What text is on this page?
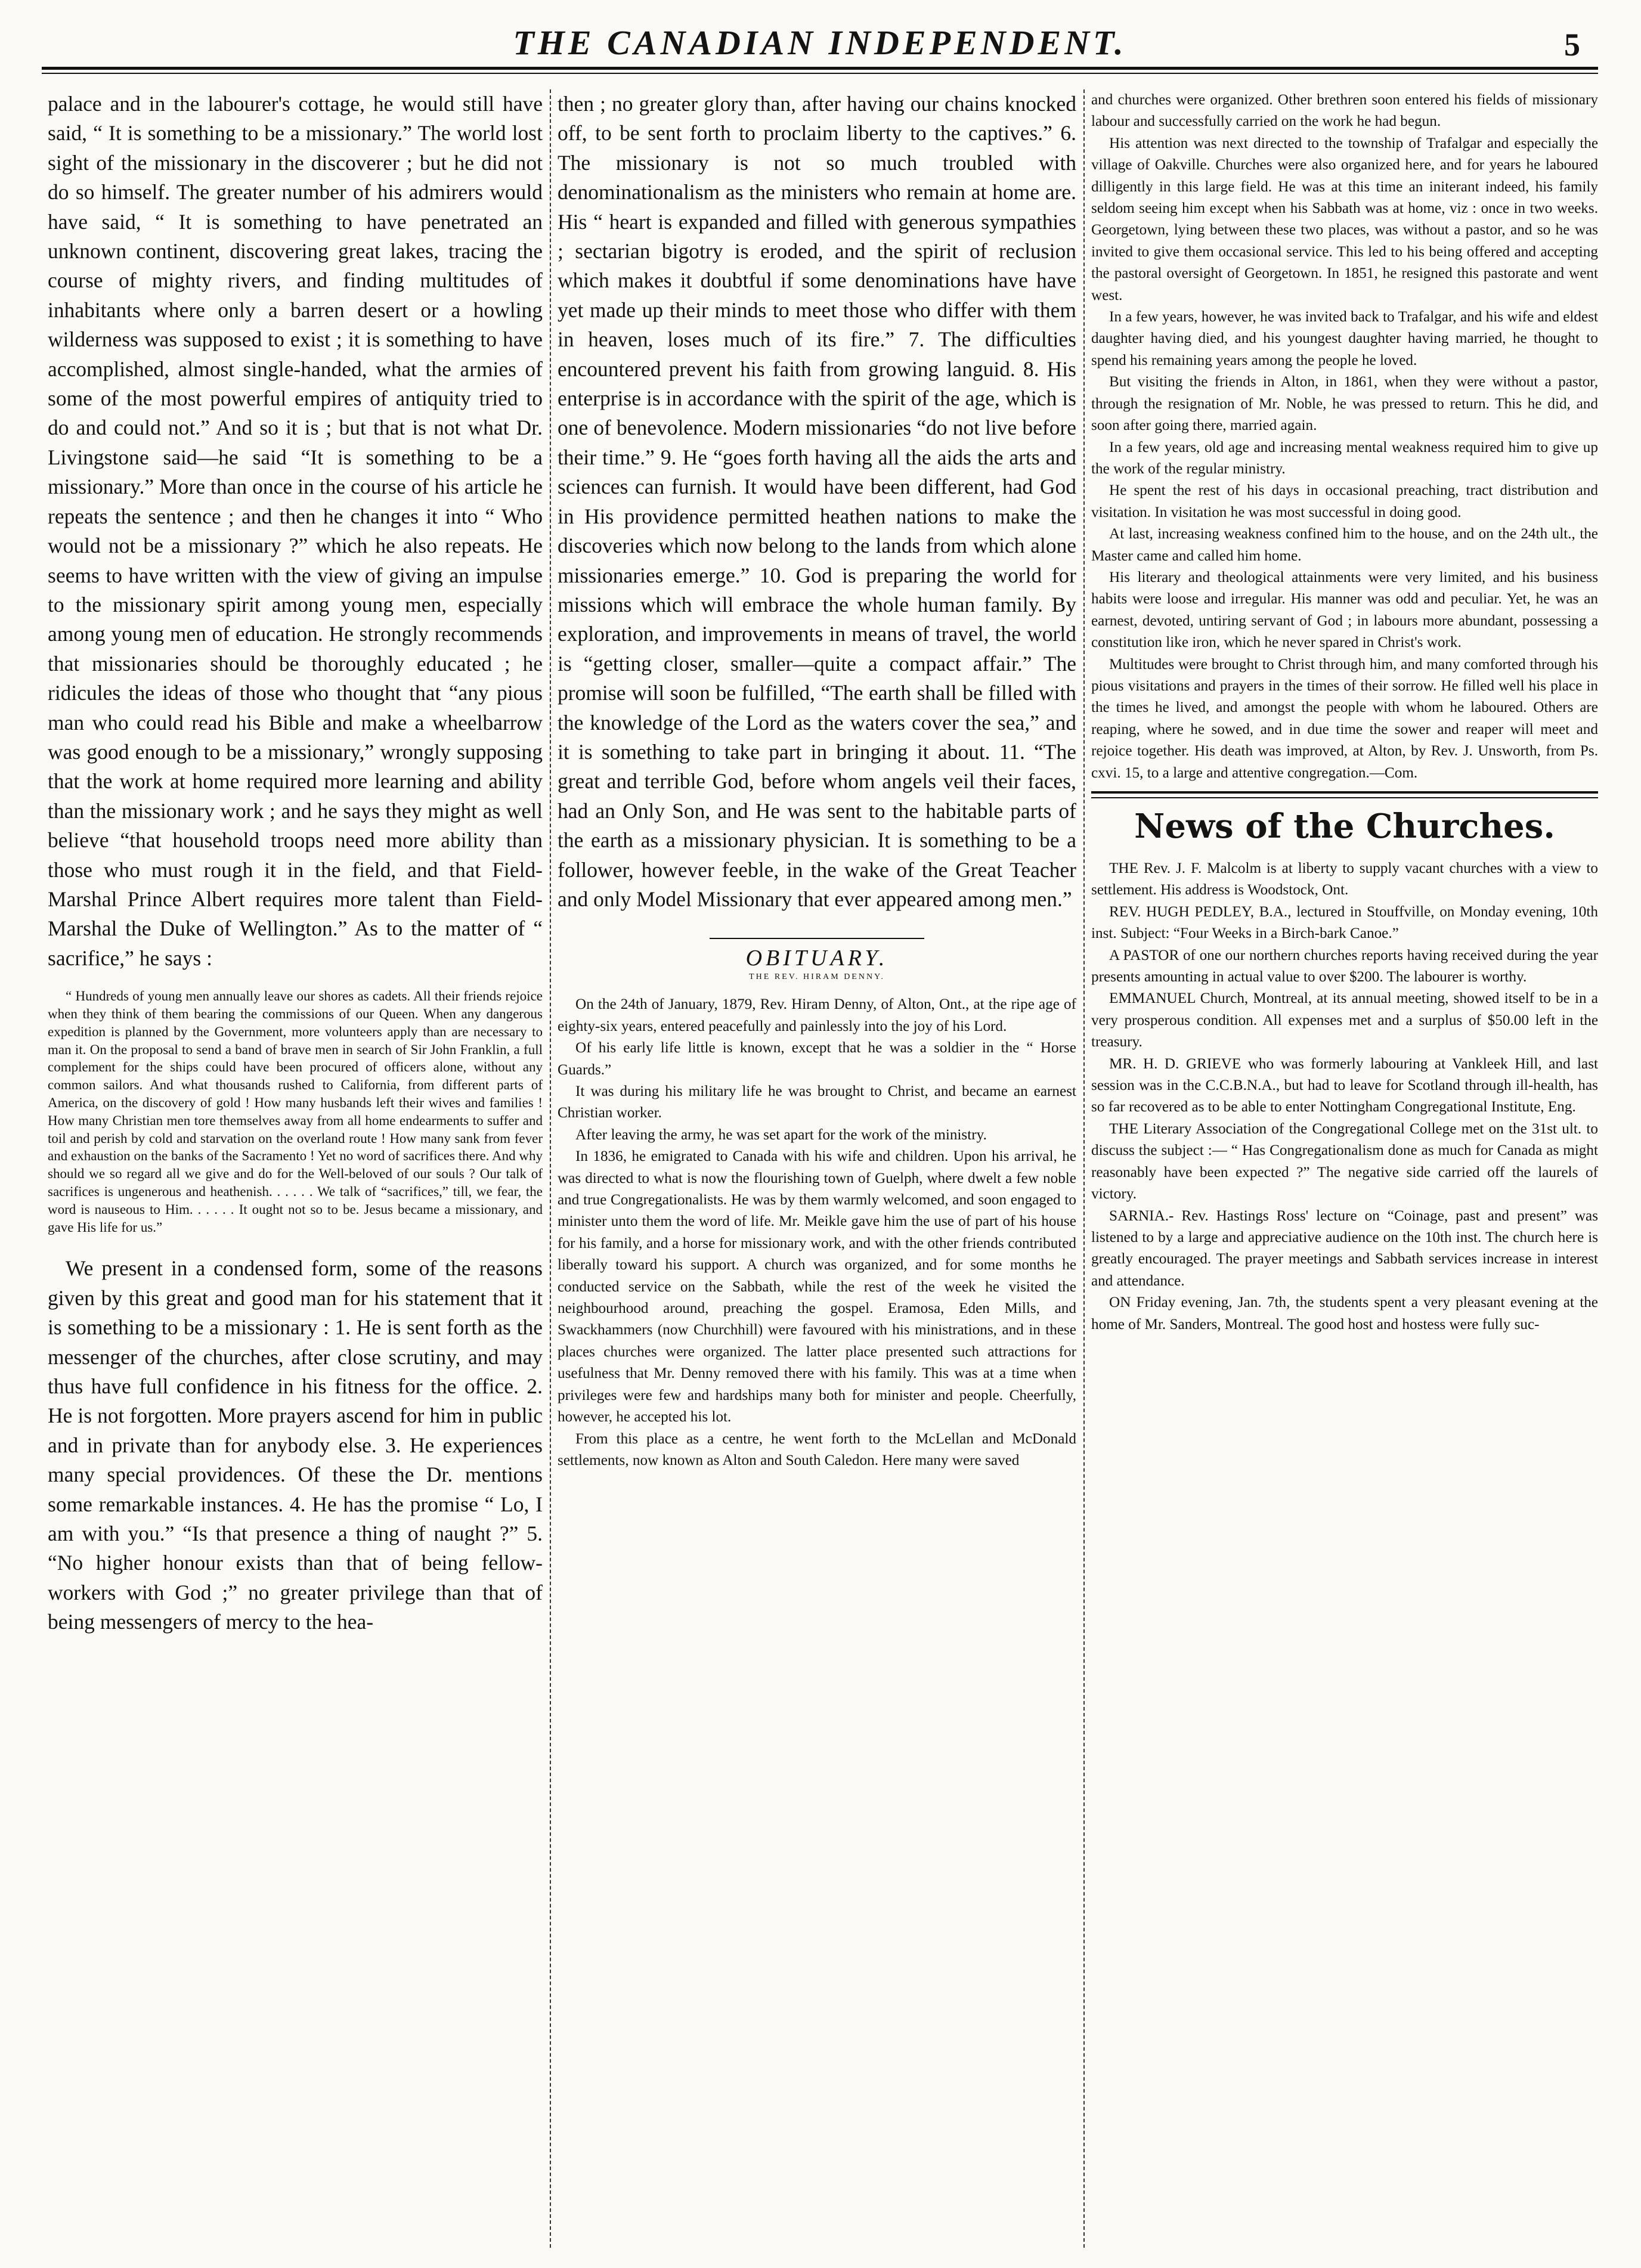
THE CANADIAN INDEPENDENT.	5

palace and in the labourer's cottage, he would still have said, “ It is something to be a missionary.” The world lost sight of the missionary in the discoverer ; but he did not do so himself. The greater number of his admirers would have said, “ It is something to have penetrated an unknown continent, discovering great lakes, tracing the course of mighty rivers, and finding multitudes of inhabitants where only a barren desert or a howling wilderness was supposed to exist ; it is something to have accomplished, almost single-handed, what the armies of some of the most powerful empires of antiquity tried to do and could not.” And so it is ; but that is not what Dr. Livingstone said—he said “It is something to be a missionary.” More than once in the course of his article he repeats the sentence ; and then he changes it into “ Who would not be a missionary ?” which he also repeats. He seems to have written with the view of giving an impulse to the missionary spirit among young men, especially among young men of education. He strongly recommends that missionaries should be thoroughly educated ; he ridicules the ideas of those who thought that “any pious man who could read his Bible and make a wheelbarrow was good enough to be a missionary,” wrongly supposing that the work at home required more learning and ability than the missionary work ; and he says they might as well believe “that household troops need more ability than those who must rough it in the field, and that Field-Marshal Prince Albert requires more talent than Field-Marshal the Duke of Wellington.” As to the matter of “ sacrifice,” he says :

“ Hundreds of young men annually leave our shores as cadets. All their friends rejoice when they think of them bearing the commissions of our Queen. When any dangerous expedition is planned by the Government, more volunteers apply than are necessary to man it. On the proposal to send a band of brave men in search of Sir John Franklin, a full complement for the ships could have been procured of officers alone, without any common sailors. And what thousands rushed to California, from different parts of America, on the discovery of gold ! How many husbands left their wives and families ! How many Christian men tore themselves away from all home endearments to suffer and toil and perish by cold and starvation on the overland route ! How many sank from fever and exhaustion on the banks of the Sacramento ! Yet no word of sacrifices there. And why should we so regard all we give and do for the Well-beloved of our souls ? Our talk of sacrifices is ungenerous and heathenish. . . . . . We talk of “sacrifices,” till, we fear, the word is nauseous to Him. . . . . . It ought not so to be. Jesus became a missionary, and gave His life for us.”

We present in a condensed form, some of the reasons given by this great and good man for his statement that it is something to be a missionary : 1. He is sent forth as the messenger of the churches, after close scrutiny, and may thus have full confidence in his fitness for the office. 2. He is not forgotten. More prayers ascend for him in public and in private than for anybody else. 3. He experiences many special providences. Of these the Dr. mentions some remarkable instances. 4. He has the promise “ Lo, I am with you.” “Is that presence a thing of naught ?” 5. “No higher honour exists than that of being fellow-workers with God ;” no greater privilege than that of being messengers of mercy to the hea-

then ; no greater glory than, after having our chains knocked off, to be sent forth to proclaim liberty to the captives.” 6. The missionary is not so much troubled with denominationalism as the ministers who remain at home are. His “ heart is expanded and filled with generous sympathies ; sectarian bigotry is eroded, and the spirit of reclusion which makes it doubtful if some denominations have have yet made up their minds to meet those who differ with them in heaven, loses much of its fire.” 7. The difficulties encountered prevent his faith from growing languid. 8. His enterprise is in accordance with the spirit of the age, which is one of benevolence. Modern missionaries “do not live before their time.” 9. He “goes forth having all the aids the arts and sciences can furnish. It would have been different, had God in His providence permitted heathen nations to make the discoveries which now belong to the lands from which alone missionaries emerge.” 10. God is preparing the world for missions which will embrace the whole human family. By exploration, and improvements in means of travel, the world is “getting closer, smaller—quite a compact affair.” The promise will soon be fulfilled, “The earth shall be filled with the knowledge of the Lord as the waters cover the sea,” and it is something to take part in bringing it about. 11. “The great and terrible God, before whom angels veil their faces, had an Only Son, and He was sent to the habitable parts of the earth as a missionary physician. It is something to be a follower, however feeble, in the wake of the Great Teacher and only Model Missionary that ever appeared among men.”

OBITUARY.
THE REV. HIRAM DENNY.

On the 24th of January, 1879, Rev. Hiram Denny, of Alton, Ont., at the ripe age of eighty-six years, entered peacefully and painlessly into the joy of his Lord.

Of his early life little is known, except that he was a soldier in the “ Horse Guards.”

It was during his military life he was brought to Christ, and became an earnest Christian worker.

After leaving the army, he was set apart for the work of the ministry.

In 1836, he emigrated to Canada with his wife and children. Upon his arrival, he was directed to what is now the flourishing town of Guelph, where dwelt a few noble and true Congregationalists. He was by them warmly welcomed, and soon engaged to minister unto them the word of life. Mr. Meikle gave him the use of part of his house for his family, and a horse for missionary work, and with the other friends contributed liberally toward his support. A church was organized, and for some months he conducted service on the Sabbath, while the rest of the week he visited the neighbourhood around, preaching the gospel. Eramosa, Eden Mills, and Swackhammers (now Churchhill) were favoured with his ministrations, and in these places churches were organized. The latter place presented such attractions for usefulness that Mr. Denny removed there with his family. This was at a time when privileges were few and hardships many both for minister and people. Cheerfully, however, he accepted his lot.

From this place as a centre, he went forth to the McLellan and McDonald settlements, now known as Alton and South Caledon. Here many were saved

and churches were organized. Other brethren soon entered his fields of missionary labour and successfully carried on the work he had begun.

His attention was next directed to the township of Trafalgar and especially the village of Oakville. Churches were also organized here, and for years he laboured dilligently in this large field. He was at this time an initerant indeed, his family seldom seeing him except when his Sabbath was at home, viz : once in two weeks. Georgetown, lying between these two places, was without a pastor, and so he was invited to give them occasional service. This led to his being offered and accepting the pastoral oversight of Georgetown. In 1851, he resigned this pastorate and went west.

In a few years, however, he was invited back to Trafalgar, and his wife and eldest daughter having died, and his youngest daughter having married, he thought to spend his remaining years among the people he loved.

But visiting the friends in Alton, in 1861, when they were without a pastor, through the resignation of Mr. Noble, he was pressed to return. This he did, and soon after going there, married again.

In a few years, old age and increasing mental weakness required him to give up the work of the regular ministry.

He spent the rest of his days in occasional preaching, tract distribution and visitation. In visitation he was most successful in doing good.

At last, increasing weakness confined him to the house, and on the 24th ult., the Master came and called him home.

His literary and theological attainments were very limited, and his business habits were loose and irregular. His manner was odd and peculiar. Yet, he was an earnest, devoted, untiring servant of God ; in labours more abundant, possessing a constitution like iron, which he never spared in Christ's work.

Multitudes were brought to Christ through him, and many comforted through his pious visitations and prayers in the times of their sorrow. He filled well his place in the times he lived, and amongst the people with whom he laboured. Others are reaping, where he sowed, and in due time the sower and reaper will meet and rejoice together. His death was improved, at Alton, by Rev. J. Unsworth, from Ps. cxvi. 15, to a large and attentive congregation.—Com.

News of the Churches.

THE Rev. J. F. Malcolm is at liberty to supply vacant churches with a view to settlement. His address is Woodstock, Ont.

REV. HUGH PEDLEY, B.A., lectured in Stouffville, on Monday evening, 10th inst. Subject: “Four Weeks in a Birch-bark Canoe.”

A PASTOR of one our northern churches reports having received during the year presents amounting in actual value to over $200. The labourer is worthy.

EMMANUEL Church, Montreal, at its annual meeting, showed itself to be in a very prosperous condition. All expenses met and a surplus of $50.00 left in the treasury.

MR. H. D. GRIEVE who was formerly labouring at Vankleek Hill, and last session was in the C.C.B.N.A., but had to leave for Scotland through ill-health, has so far recovered as to be able to enter Nottingham Congregational Institute, Eng.

THE Literary Association of the Congregational College met on the 31st ult. to discuss the subject :— “ Has Congregationalism done as much for Canada as might reasonably have been expected ?” The negative side carried off the laurels of victory.

SARNIA.- Rev. Hastings Ross' lecture on “Coinage, past and present” was listened to by a large and appreciative audience on the 10th inst. The church here is greatly encouraged. The prayer meetings and Sabbath services increase in interest and attendance.

ON Friday evening, Jan. 7th, the students spent a very pleasant evening at the home of Mr. Sanders, Montreal. The good host and hostess were fully suc-
